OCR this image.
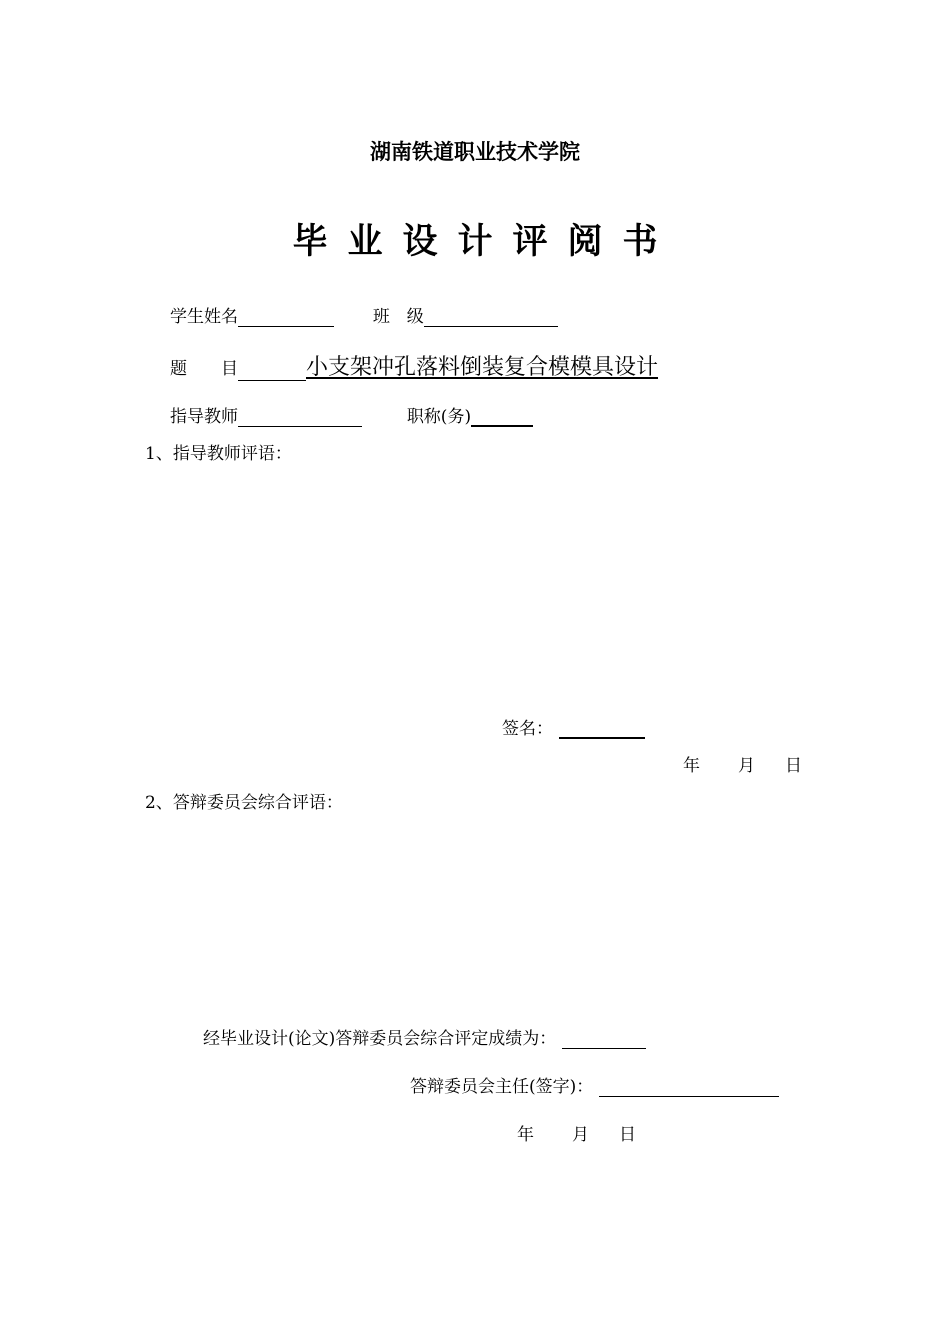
湖南铁道职业技术学院
毕业设计评阅书
学生姓名	班　级
题　　目	小支架冲孔落料倒装复合模模具设计
指导教师	职称(务)
1、指导教师评语：
签名：
年 月 日
2、答辩委员会综合评语：
经毕业设计(论文)答辩委员会综合评定成绩为：
答辩委员会主任(签字)：
年 月 日
